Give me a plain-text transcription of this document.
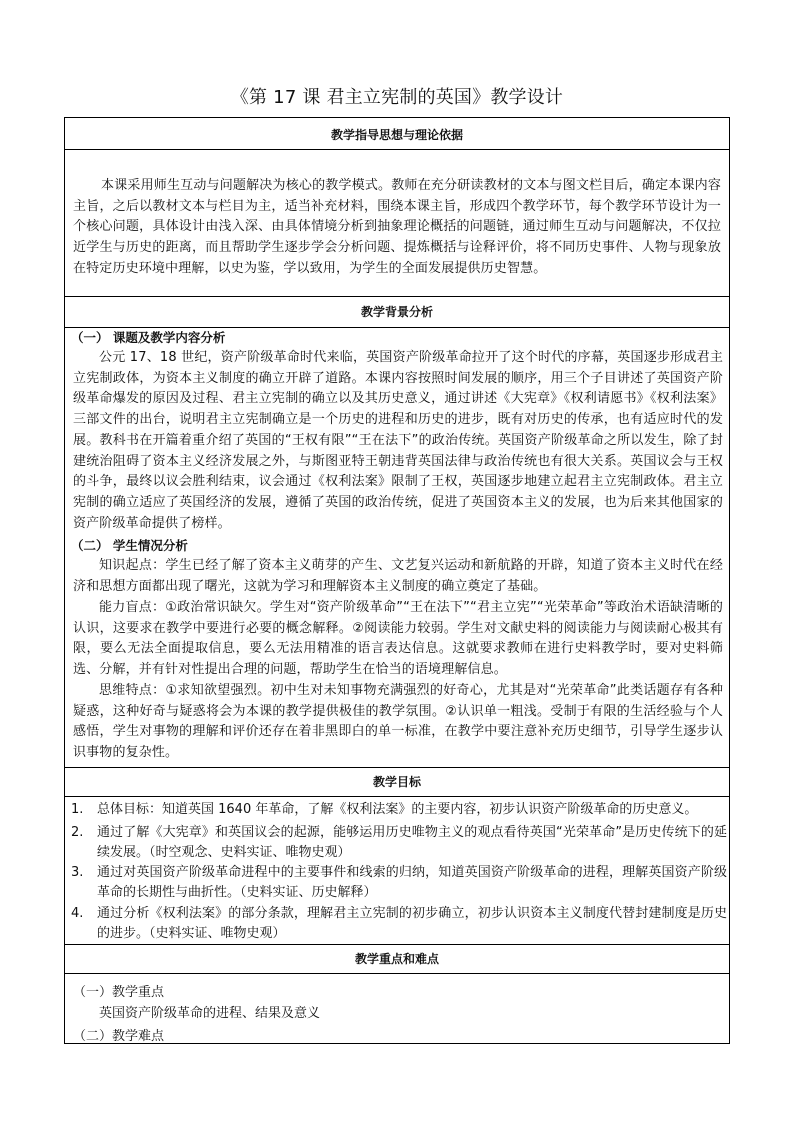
《第 17 课 君主立宪制的英国》教学设计
教学指导思想与理论依据
本课采用师生互动与问题解决为核心的教学模式。教师在充分研读教材的文本与图文栏目后，确定本课内容主旨，之后以教材文本与栏目为主，适当补充材料，围绕本课主旨，形成四个教学环节，每个教学环节设计为一个核心问题，具体设计由浅入深、由具体情境分析到抽象理论概括的问题链，通过师生互动与问题解决，不仅拉近学生与历史的距离，而且帮助学生逐步学会分析问题、提炼概括与诠释评价，将不同历史事件、人物与现象放在特定历史环境中理解，以史为鉴，学以致用，为学生的全面发展提供历史智慧。
教学背景分析
（一） 课题及教学内容分析
公元 17、18 世纪，资产阶级革命时代来临，英国资产阶级革命拉开了这个时代的序幕，英国逐步形成君主立宪制政体，为资本主义制度的确立开辟了道路。本课内容按照时间发展的顺序，用三个子目讲述了英国资产阶级革命爆发的原因及过程、君主立宪制的确立以及其历史意义，通过讲述《大宪章》《权利请愿书》《权利法案》三部文件的出台，说明君主立宪制确立是一个历史的进程和历史的进步，既有对历史的传承，也有适应时代的发展。教科书在开篇着重介绍了英国的“王权有限”“王在法下”的政治传统。英国资产阶级革命之所以发生，除了封建统治阻碍了资本主义经济发展之外，与斯图亚特王朝违背英国法律与政治传统也有很大关系。英国议会与王权的斗争，最终以议会胜利结束，议会通过《权利法案》限制了王权，英国逐步地建立起君主立宪制政体。君主立宪制的确立适应了英国经济的发展，遵循了英国的政治传统，促进了英国资本主义的发展，也为后来其他国家的资产阶级革命提供了榜样。
（二） 学生情况分析
知识起点：学生已经了解了资本主义萌芽的产生、文艺复兴运动和新航路的开辟，知道了资本主义时代在经济和思想方面都出现了曙光，这就为学习和理解资本主义制度的确立奠定了基础。
能力盲点：①政治常识缺欠。学生对“资产阶级革命”“王在法下”“君主立宪”“光荣革命”等政治术语缺清晰的认识，这要求在教学中要进行必要的概念解释。②阅读能力较弱。学生对文献史料的阅读能力与阅读耐心极其有限，要么无法全面提取信息，要么无法用精准的语言表达信息。这就要求教师在进行史料教学时，要对史料筛选、分解，并有针对性提出合理的问题，帮助学生在恰当的语境理解信息。
思维特点：①求知欲望强烈。初中生对未知事物充满强烈的好奇心，尤其是对“光荣革命”此类话题存有各种疑惑，这种好奇与疑惑将会为本课的教学提供极佳的教学氛围。②认识单一粗浅。受制于有限的生活经验与个人感悟，学生对事物的理解和评价还存在着非黑即白的单一标准，在教学中要注意补充历史细节，引导学生逐步认识事物的复杂性。
教学目标
1. 总体目标：知道英国 1640 年革命，了解《权利法案》的主要内容，初步认识资产阶级革命的历史意义。
2. 通过了解《大宪章》和英国议会的起源，能够运用历史唯物主义的观点看待英国“光荣革命”是历史传统下的延续发展。（时空观念、史料实证、唯物史观）
3. 通过对英国资产阶级革命进程中的主要事件和线索的归纳，知道英国资产阶级革命的进程，理解英国资产阶级革命的长期性与曲折性。（史料实证、历史解释）
4. 通过分析《权利法案》的部分条款，理解君主立宪制的初步确立，初步认识资本主义制度代替封建制度是历史的进步。（史料实证、唯物史观）
教学重点和难点
（一）教学重点
英国资产阶级革命的进程、结果及意义
（二）教学难点
